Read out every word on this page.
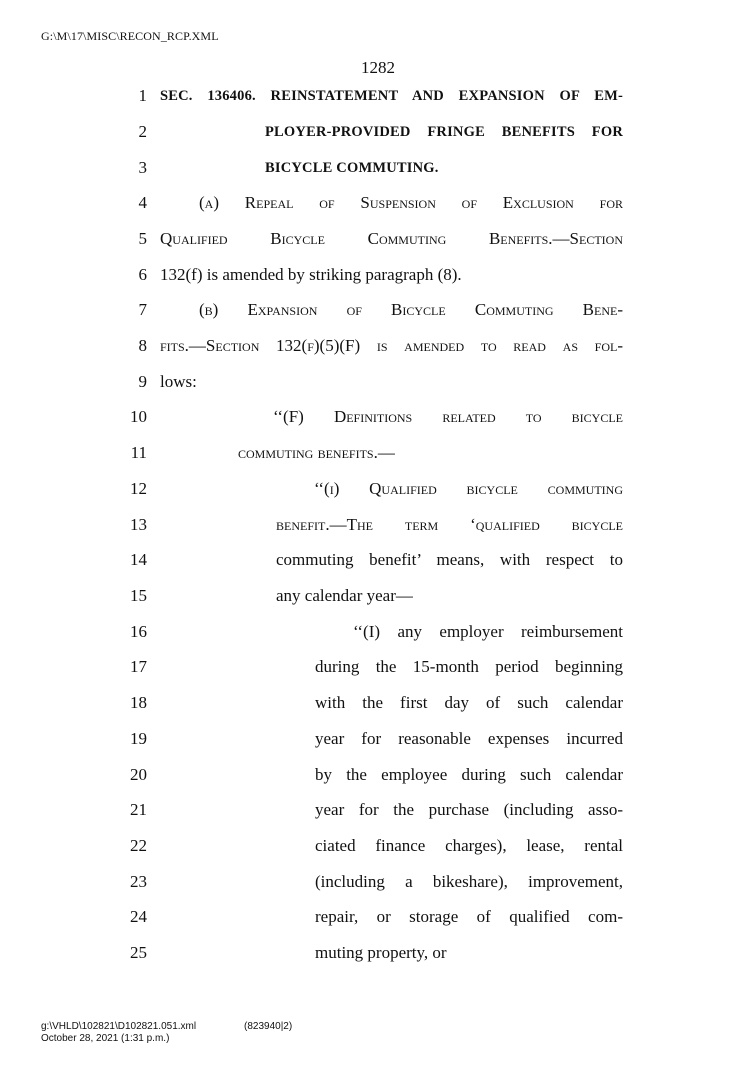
G:\M\17\MISC\RECON_RCP.XML
1282
1
2
3
4
5
6
7
8
9
10
11
12
13
14
15
16
17
18
19
20
21
22
23
24
25
SEC. 136406. REINSTATEMENT AND EXPANSION OF EM-
PLOYER-PROVIDED FRINGE BENEFITS FOR
BICYCLE COMMUTING.
(a) Repeal of Suspension of Exclusion for
Qualified Bicycle Commuting Benefits.—Section
132(f) is amended by striking paragraph (8).
(b) Expansion of Bicycle Commuting Bene-
fits.—Section 132(f)(5)(F) is amended to read as fol-
lows:
‘‘(F) Definitions related to bicycle
commuting benefits.—
‘‘(i) Qualified bicycle commuting
benefit.—The term ‘qualified bicycle
commuting benefit’ means, with respect to
any calendar year—
‘‘(I) any employer reimbursement
during the 15-month period beginning
with the first day of such calendar
year for reasonable expenses incurred
by the employee during such calendar
year for the purchase (including asso-
ciated finance charges), lease, rental
(including a bikeshare), improvement,
repair, or storage of qualified com-
muting property, or
g:\VHLD\102821\D102821.051.xml	(823940|2)
October 28, 2021 (1:31 p.m.)
